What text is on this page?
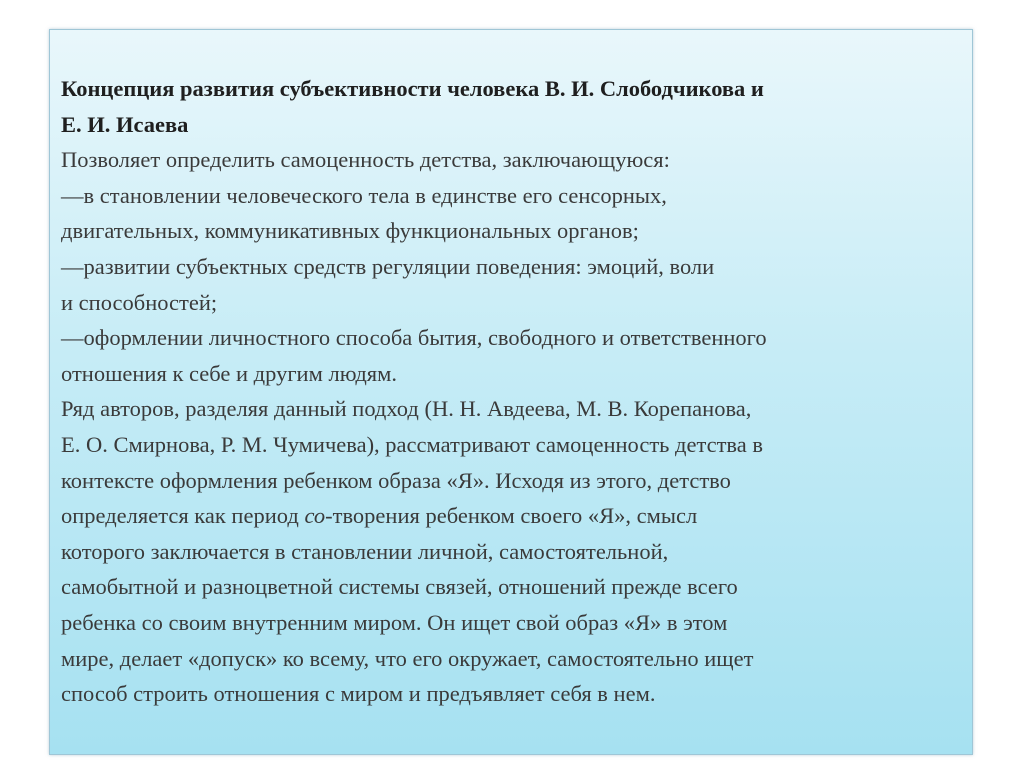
Концепция развития субъективности человека В. И. Слободчикова и
Е. И. Исаева
Позволяет определить самоценность детства, заключающуюся:
—в становлении человеческого тела в единстве его сенсорных,
двигательных, коммуникативных функциональных органов;
—развитии субъектных средств регуляции поведения: эмоций, воли
и способностей;
—оформлении личностного способа бытия, свободного и ответственного
отношения к себе и другим людям.
Ряд авторов, разделяя данный подход (Н. Н. Авдеева, М. В. Корепанова,
Е. О. Смирнова, Р. М. Чумичева), рассматривают самоценность детства в
контексте оформления ребенком образа «Я». Исходя из этого, детство
определяется как период со-творения ребенком своего «Я», смысл
которого заключается в становлении личной, самостоятельной,
самобытной и разноцветной системы связей, отношений прежде всего
ребенка со своим внутренним миром. Он ищет свой образ «Я» в этом
мире, делает «допуск» ко всему, что его окружает, самостоятельно ищет
способ строить отношения с миром и предъявляет себя в нем.
